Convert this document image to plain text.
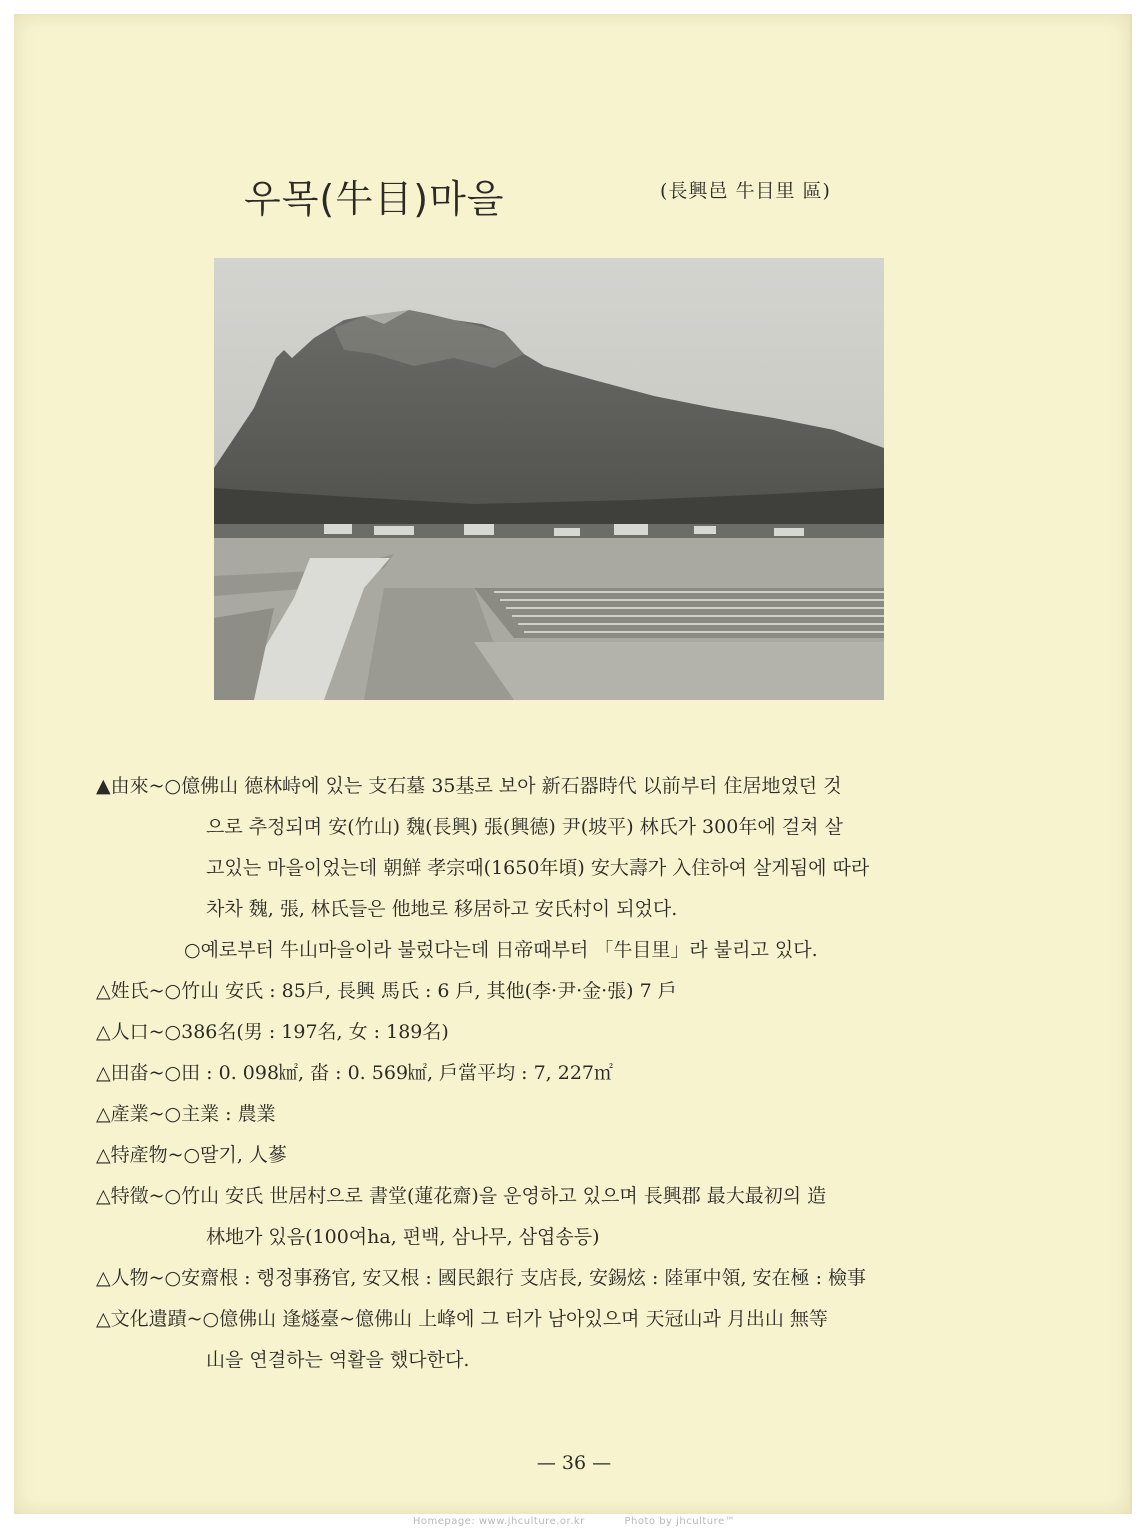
우목(牛目)마을	(長興邑 牛目里 區)
▲由來~ ○億佛山 德林峙에 있는 支石墓 35基로 보아 新石器時代 以前부터 住居地였던 것
으로 추정되며 安(竹山) 魏(長興) 張(興德) 尹(坡平) 林氏가 300年에 걸쳐 살
고있는 마을이었는데 朝鮮 孝宗때(1650年頃) 安大壽가 入住하여 살게됨에 따라
차차 魏, 張, 林氏들은 他地로 移居하고 安氏村이 되었다.
○예로부터 牛山마을이라 불렀다는데 日帝때부터 「牛目里」라 불리고 있다.
△姓氏~ ○竹山 安氏 : 85戶, 長興 馬氏 : 6 戶, 其他(李·尹·金·張) 7 戶
△人口~ ○386名(男 : 197名, 女 : 189名)
△田畓~ ○田 : 0. 098㎢, 畓 : 0. 569㎢, 戶當平均 : 7, 227㎡
△產業~ ○主業 : 農業
△特產物~ ○딸기, 人蔘
△特徵~ ○竹山 安氏 世居村으로 書堂(蓮花齋)을 운영하고 있으며 長興郡 最大最初의 造
林地가 있음(100여ha, 편백, 삼나무, 삼엽송등)
△人物~ ○安齋根 : 행정事務官, 安又根 : 國民銀行 支店長, 安錫炫 : 陸軍中領, 安在極 : 檢事
△文化遺蹟~ ○億佛山 逢燧臺~億佛山 上峰에 그 터가 남아있으며 天冠山과 月出山 無等
山을 연결하는 역활을 했다한다.
— 36 —
Homepage: www.jhculture.or.kr	Photo by jhculture™
